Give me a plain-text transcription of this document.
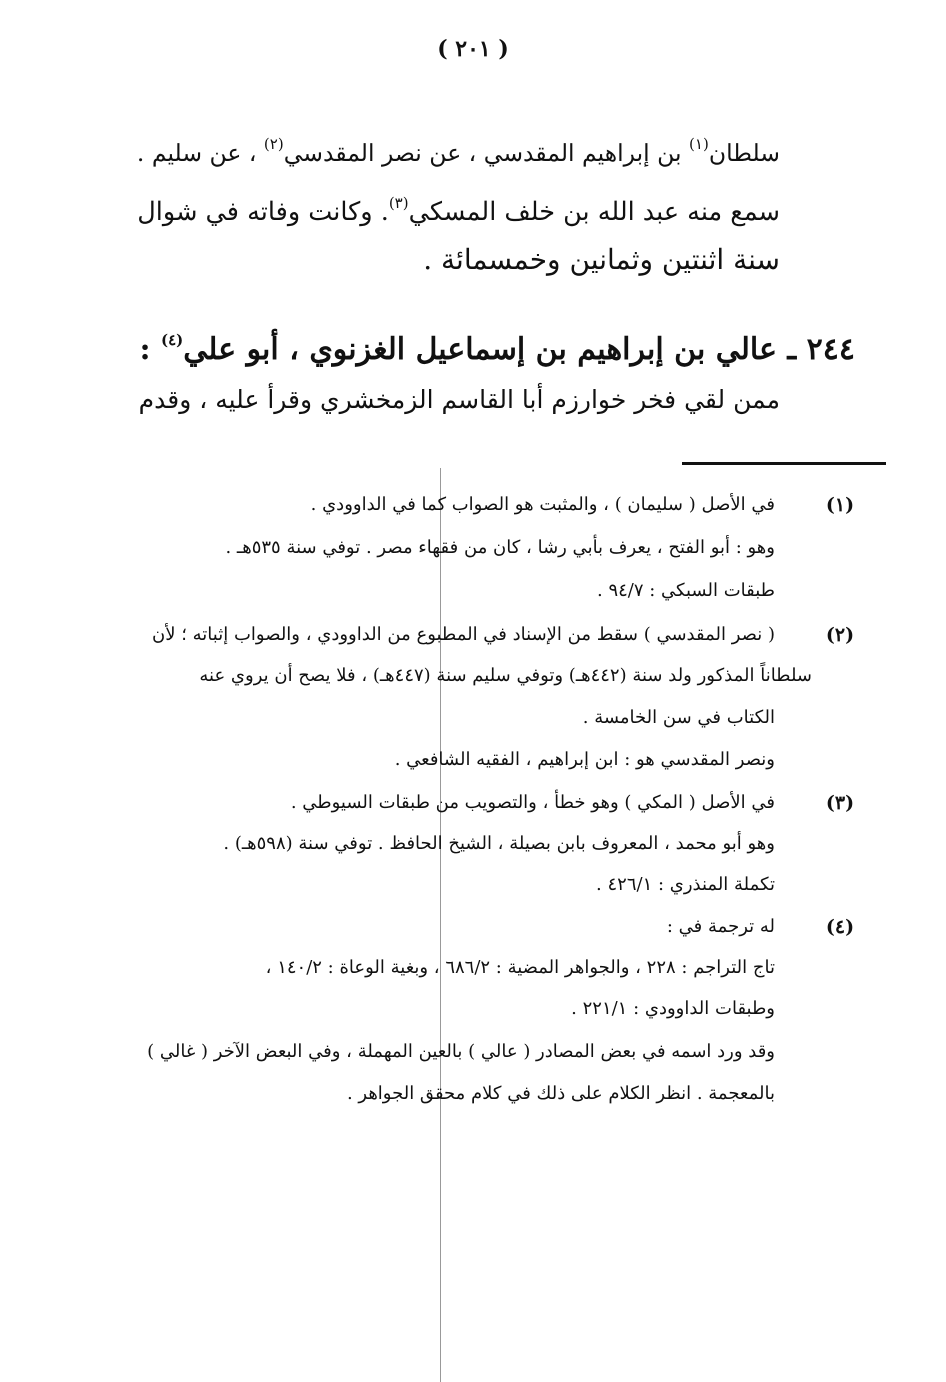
( ٢٠١ )
سلطان$^{(١)}$ بن إبراهيم المقدسي ، عن نصر المقدسي$^{(٢)}$ ، عن سليم .
سمع منه عبد الله بن خلف المسكي$^{(٣)}$. وكانت وفاته في شوال
سنة اثنتين وثمانين وخمسمائة .
٢٤٤ ـ عالي بن إبراهيم بن إسماعيل الغزنوي ، أبو علي$^{(٤)}$ :
ممن لقي فخر خوارزم أبا القاسم الزمخشري وقرأ عليه ، وقدم
(١)
في الأصل ( سليمان ) ، والمثبت هو الصواب كما في الداوودي .
وهو : أبو الفتح ، يعرف بأبي رشا ، كان من فقهاء مصر . توفي سنة ٥٣٥هـ .
طبقات السبكي : ٩٤/٧ .
(٢)
( نصر المقدسي ) سقط من الإسناد في المطبوع من الداوودي ، والصواب إثباته ؛ لأن
سلطاناً المذكور ولد سنة (٤٤٢هـ) وتوفي سليم سنة (٤٤٧هـ) ، فلا يصح أن يروي عنه
الكتاب في سن الخامسة .
ونصر المقدسي هو : ابن إبراهيم ، الفقيه الشافعي .
(٣)
في الأصل ( المكي ) وهو خطأ ، والتصويب من طبقات السيوطي .
وهو أبو محمد ، المعروف بابن بصيلة ، الشيخ الحافظ . توفي سنة (٥٩٨هـ) .
تكملة المنذري : ٤٢٦/١ .
(٤)
له ترجمة في :
تاج التراجم : ٢٢٨ ، والجواهر المضية : ٦٨٦/٢ ، وبغية الوعاة : ١٤٠/٢ ،
وطبقات الداوودي : ٢٢١/١ .
وقد ورد اسمه في بعض المصادر ( عالي ) بالعين المهملة ، وفي البعض الآخر ( غالي )
بالمعجمة . انظر الكلام على ذلك في كلام محقق الجواهر .
